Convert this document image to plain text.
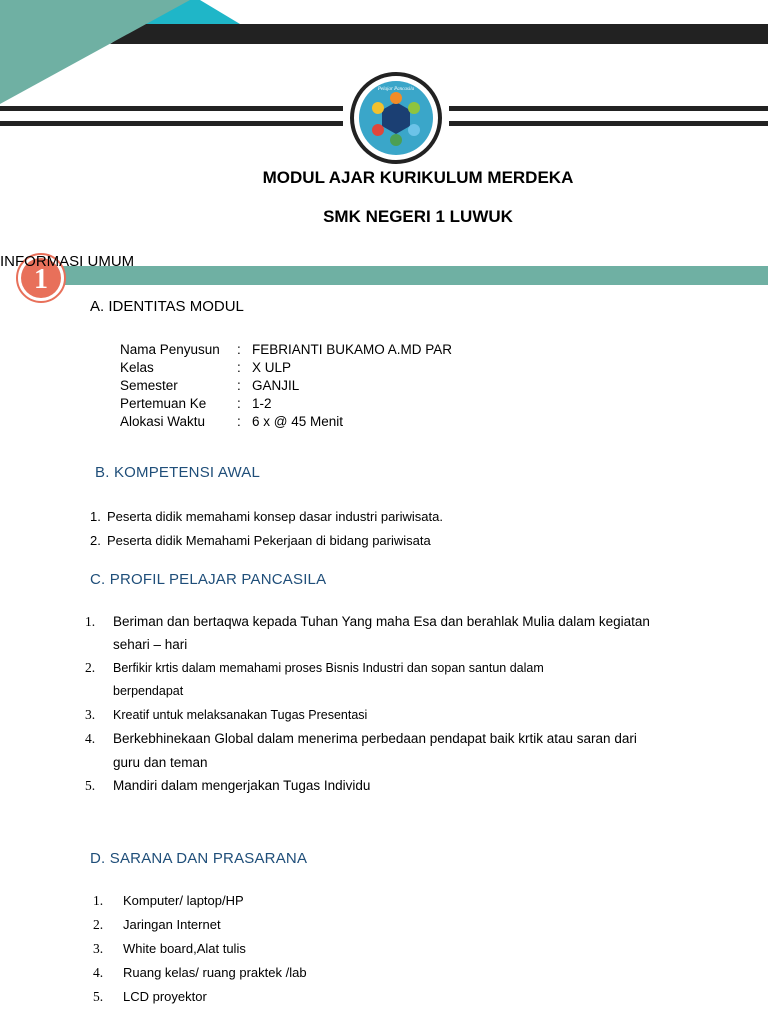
Pelajar Pancasila
MODUL AJAR KURIKULUM MERDEKA
SMK NEGERI 1 LUWUK
1
INFORMASI UMUM
A. IDENTITAS MODUL
Nama Penyusun : FEBRIANTI BUKAMO A.MD PAR
Kelas	: X ULP
Semester	: GANJIL
Pertemuan Ke : 1-2
Alokasi Waktu : 6 x @ 45 Menit
B. KOMPETENSI AWAL
1. Peserta didik memahami konsep dasar industri pariwisata.
2. Peserta didik Memahami Pekerjaan di bidang pariwisata
C. PROFIL PELAJAR PANCASILA
1. Beriman dan bertaqwa kepada Tuhan Yang maha Esa dan berahlak Mulia dalam kegiatan
sehari – hari
2. Berfikir krtis dalam memahami proses Bisnis Industri dan sopan santun dalam
berpendapat
3. Kreatif untuk melaksanakan Tugas Presentasi
4. Berkebhinekaan Global dalam menerima perbedaan pendapat baik krtik atau saran dari
guru dan teman
5. Mandiri dalam mengerjakan Tugas Individu
D. SARANA DAN PRASARANA
1. Komputer/ laptop/HP
2. Jaringan Internet
3. White board,Alat tulis
4. Ruang kelas/ ruang praktek /lab
5. LCD proyektor
